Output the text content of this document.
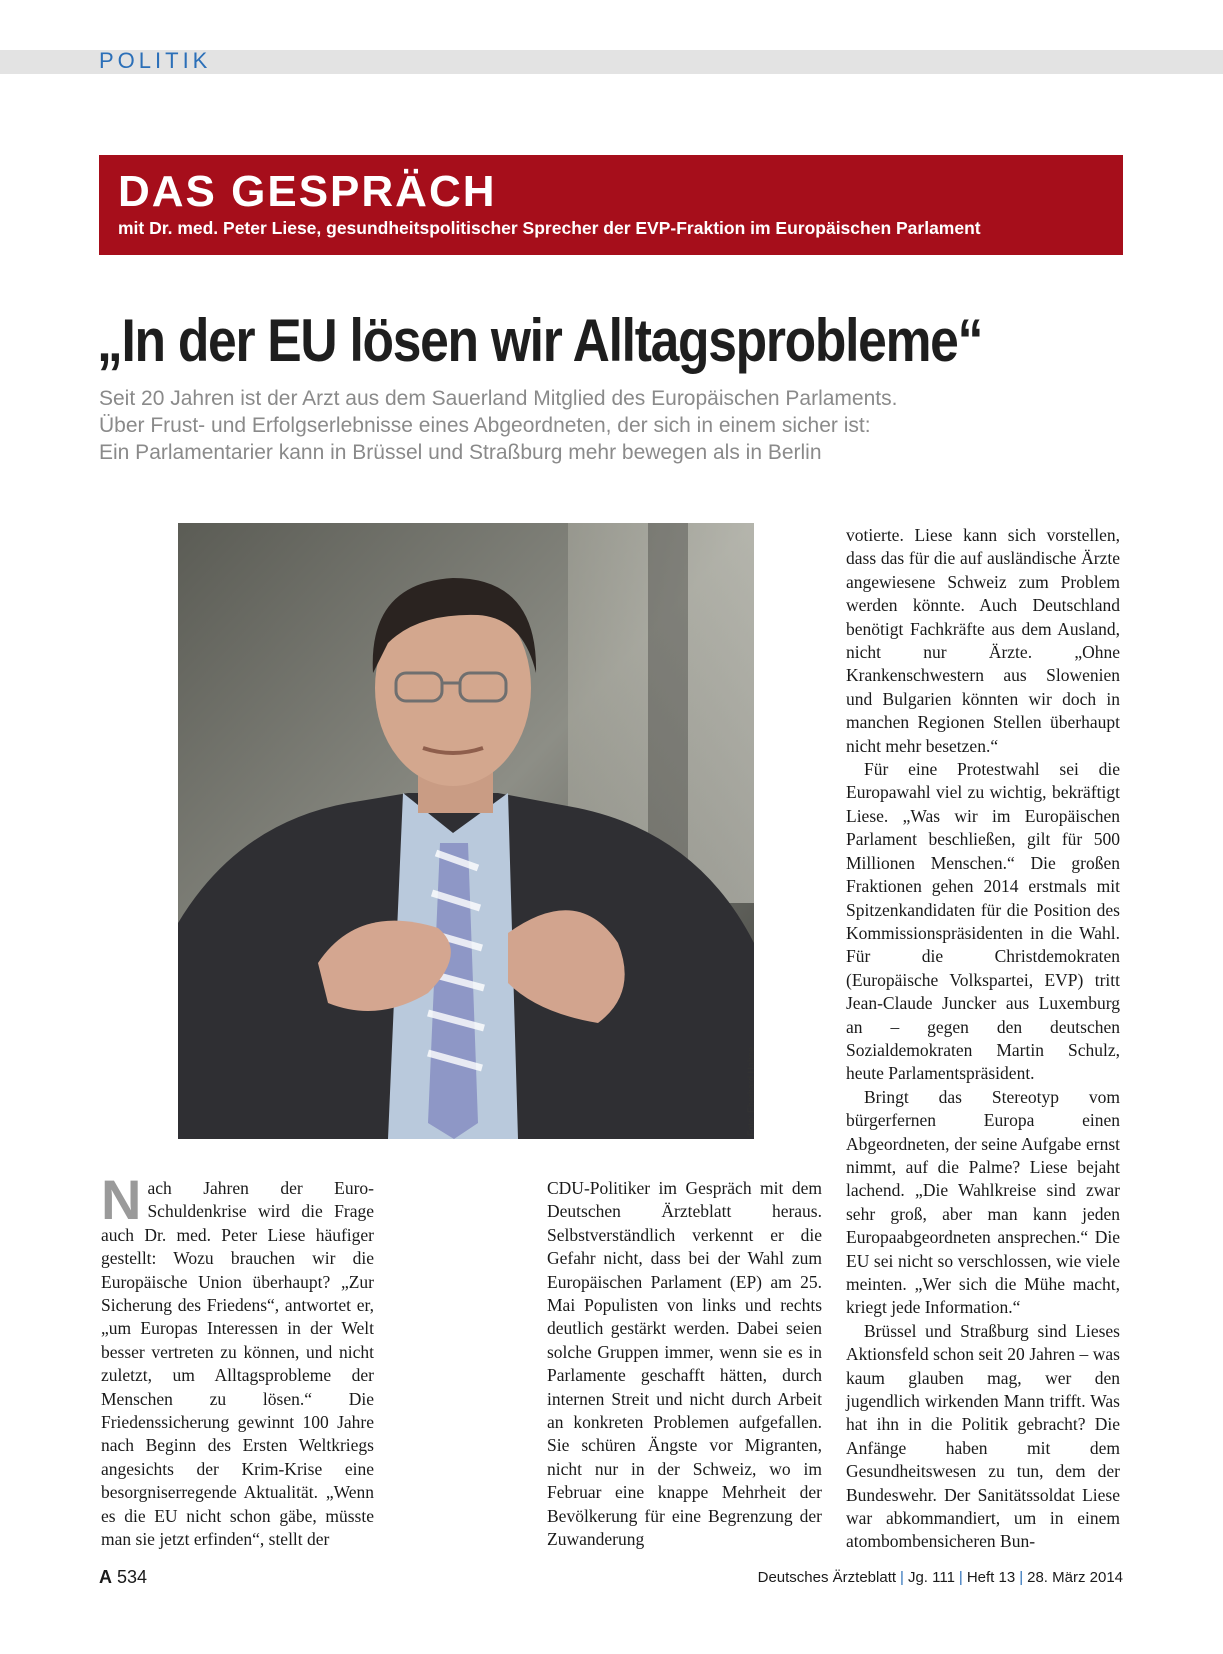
POLITIK
DAS GESPRÄCH
mit Dr. med. Peter Liese, gesundheitspolitischer Sprecher der EVP-Fraktion im Europäischen Parlament
„In der EU lösen wir Alltagsprobleme“
Seit 20 Jahren ist der Arzt aus dem Sauerland Mitglied des Europäischen Parlaments.
Über Frust- und Erfolgserlebnisse eines Abgeordneten, der sich in einem sicher ist:
Ein Parlamentarier kann in Brüssel und Straßburg mehr bewegen als in Berlin
Foto: Eberhard Hahne

Nach Jahren der Euro-Schuldenkrise wird die Frage auch Dr. med. Peter Liese häufiger gestellt: Wozu brauchen wir die Europäische Union überhaupt? „Zur Sicherung des Friedens“, antwortet er, „um Europas Interessen in der Welt besser vertreten zu können, und nicht zuletzt, um Alltagsprobleme der Menschen zu lösen.“ Die Friedenssicherung gewinnt 100 Jahre nach Beginn des Ersten Weltkriegs angesichts der Krim-Krise eine besorgniserregende Aktualität. „Wenn es die EU nicht schon gäbe, müsste man sie jetzt erfinden“, stellt der

CDU-Politiker im Gespräch mit dem Deutschen Ärzteblatt heraus. Selbstverständlich verkennt er die Gefahr nicht, dass bei der Wahl zum Europäischen Parlament (EP) am 25. Mai Populisten von links und rechts deutlich gestärkt werden. Dabei seien solche Gruppen immer, wenn sie es in Parlamente geschafft hätten, durch internen Streit und nicht durch Arbeit an konkreten Problemen aufgefallen. Sie schüren Ängste vor Migranten, nicht nur in der Schweiz, wo im Februar eine knappe Mehrheit der Bevölkerung für eine Begrenzung der Zuwanderung

votierte. Liese kann sich vorstellen, dass das für die auf ausländische Ärzte angewiesene Schweiz zum Problem werden könnte. Auch Deutschland benötigt Fachkräfte aus dem Ausland, nicht nur Ärzte. „Ohne Krankenschwestern aus Slowenien und Bulgarien könnten wir doch in manchen Regionen Stellen überhaupt nicht mehr besetzen.“

Für eine Protestwahl sei die Europawahl viel zu wichtig, bekräftigt Liese. „Was wir im Europäischen Parlament beschließen, gilt für 500 Millionen Menschen.“ Die großen Fraktionen gehen 2014 erstmals mit Spitzenkandidaten für die Position des Kommissionspräsidenten in die Wahl. Für die Christdemokraten (Europäische Volkspartei, EVP) tritt Jean-Claude Juncker aus Luxemburg an – gegen den deutschen Sozialdemokraten Martin Schulz, heute Parlamentspräsident.

Bringt das Stereotyp vom bürgerfernen Europa einen Abgeordneten, der seine Aufgabe ernst nimmt, auf die Palme? Liese bejaht lachend. „Die Wahlkreise sind zwar sehr groß, aber man kann jeden Europaabgeordneten ansprechen.“ Die EU sei nicht so verschlossen, wie viele meinten. „Wer sich die Mühe macht, kriegt jede Information.“

Brüssel und Straßburg sind Lieses Aktionsfeld schon seit 20 Jahren – was kaum glauben mag, wer den jugendlich wirkenden Mann trifft. Was hat ihn in die Politik gebracht? Die Anfänge haben mit dem Gesundheitswesen zu tun, dem der Bundeswehr. Der Sanitätssoldat Liese war abkommandiert, um in einem atombombensicheren Bun-

A 534	Deutsches Ärzteblatt | Jg. 111 | Heft 13 | 28. März 2014
